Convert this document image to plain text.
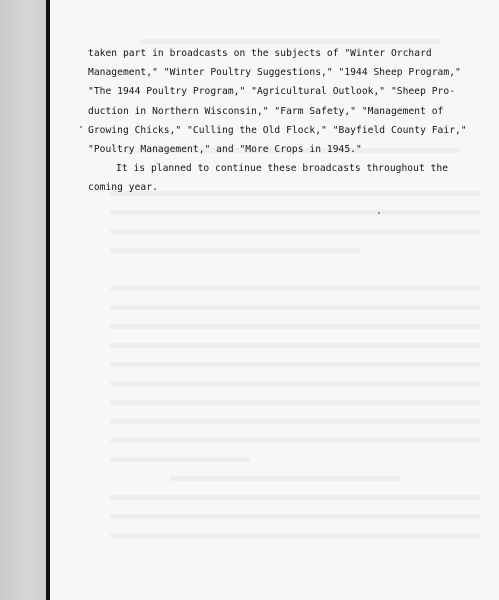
taken part in broadcasts on the subjects of "Winter Orchard
Management," "Winter Poultry Suggestions," "1944 Sheep Program,"
"The 1944 Poultry Program," "Agricultural Outlook," "Sheep Pro-
duction in Northern Wisconsin," "Farm Safety," "Management of
Growing Chicks," "Culling the Old Flock," "Bayfield County Fair,"
"Poultry Management," and "More Crops in 1945."
It is planned to continue these broadcasts throughout the
coming year.
